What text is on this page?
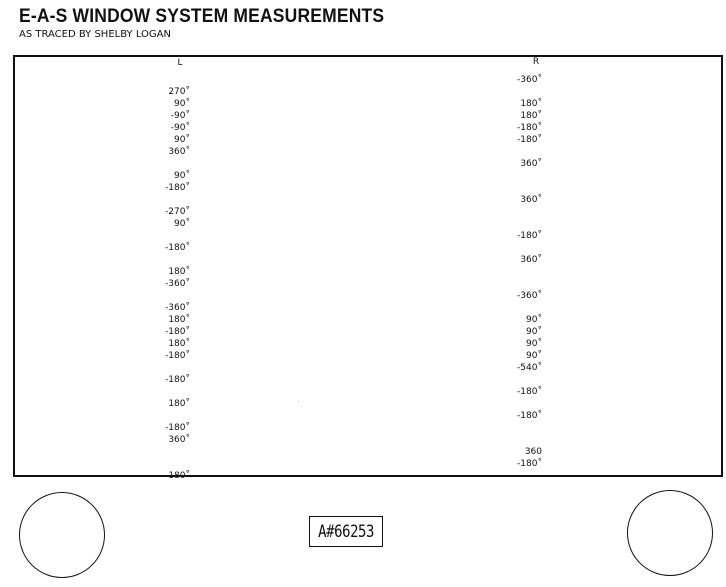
E-A-S WINDOW SYSTEM MEASUREMENTS
AS TRACED BY SHELBY LOGAN
L	R
270˚
90˚
-90˚
-90˚
90˚
360˚
90˚
-180˚
-270˚
90˚
-180˚
180˚
-360˚
-360˚
180˚
-180˚
180˚
-180˚
-180˚
180˚
-180˚
360˚
180˚
-360˚
180˚
180˚
-180˚
-180˚
360˚
360˚
-180˚
360˚
-360˚
90˚
90˚
90˚
90˚
-540˚
-180˚
-180˚
360
-180˚
A#66253
